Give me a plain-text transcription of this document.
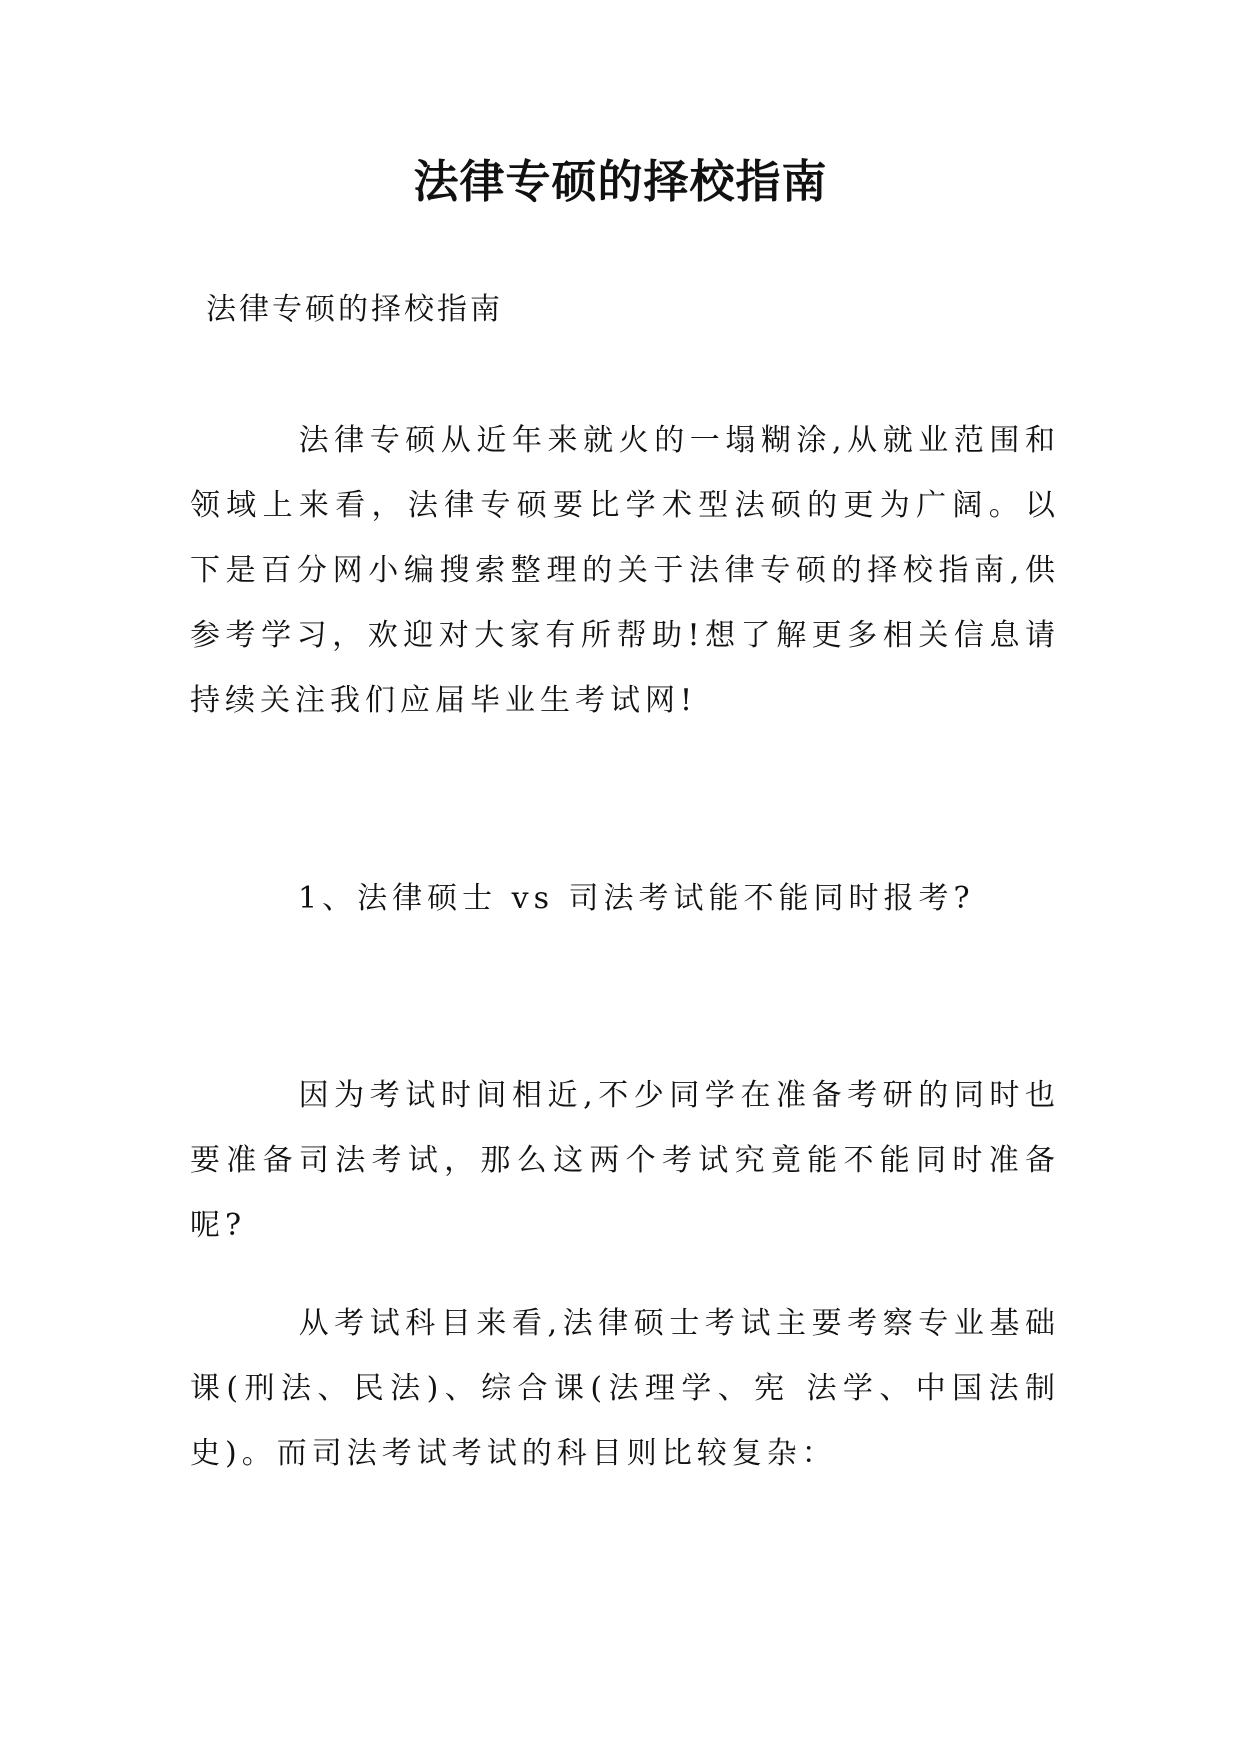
法律专硕的择校指南
法律专硕的择校指南
法律专硕从近年来就火的一塌糊涂,从就业范围和领域上来看，法律专硕要比学术型法硕的更为广阔。以下是百分网小编搜索整理的关于法律专硕的择校指南,供参考学习，欢迎对大家有所帮助!想了解更多相关信息请持续关注我们应届毕业生考试网!
1、法律硕士 vs 司法考试能不能同时报考?
因为考试时间相近,不少同学在准备考研的同时也要准备司法考试，那么这两个考试究竟能不能同时准备呢?
从考试科目来看,法律硕士考试主要考察专业基础课(刑法、民法)、综合课(法理学、宪 法学、中国法制史)。而司法考试考试的科目则比较复杂：
